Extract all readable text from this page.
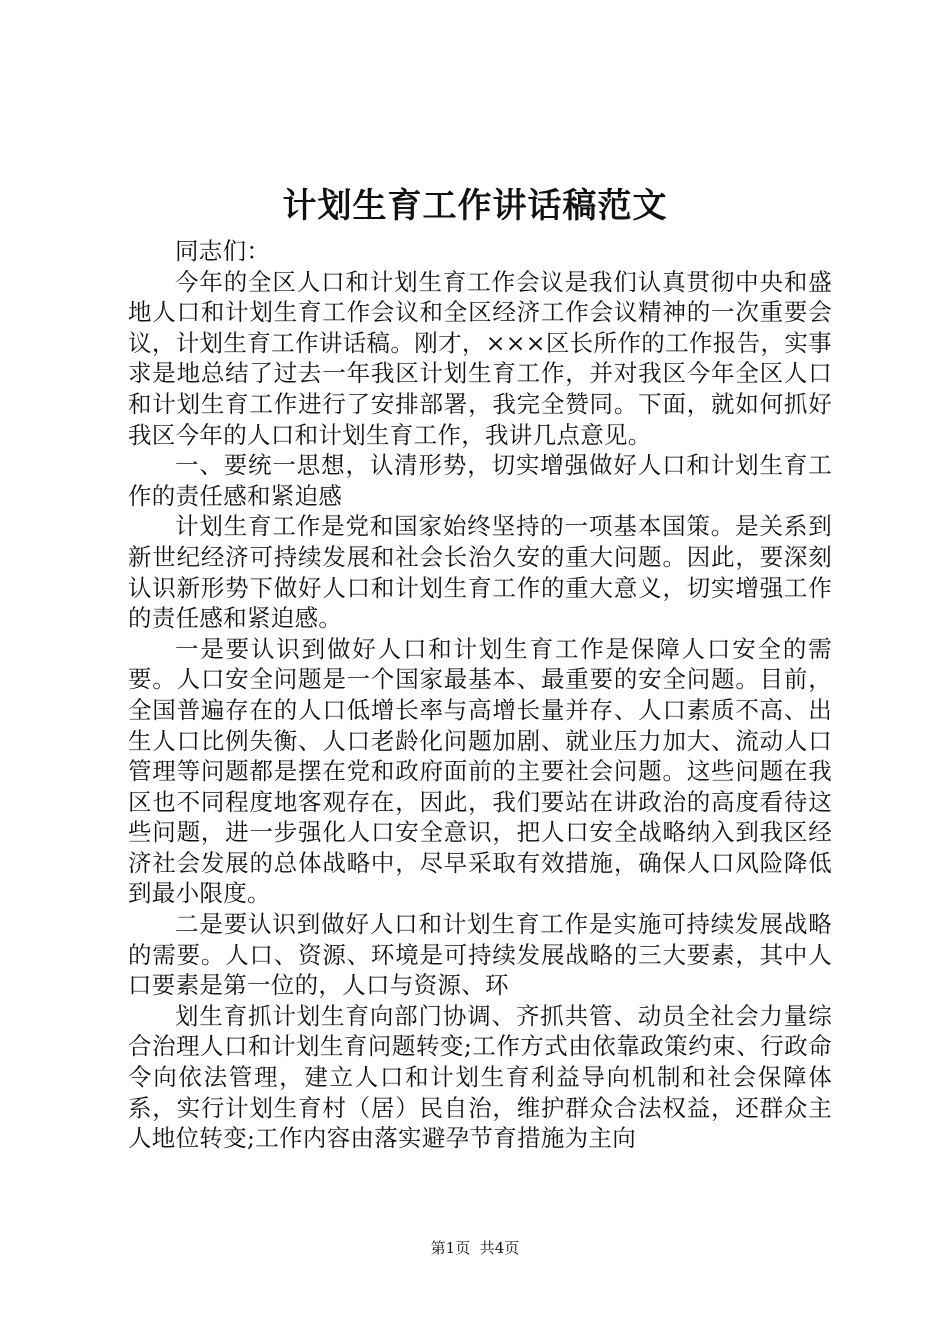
计划生育工作讲话稿范文

同志们：

今年的全区人口和计划生育工作会议是我们认真贯彻中央和盛地人口和计划生育工作会议和全区经济工作会议精神的一次重要会议，计划生育工作讲话稿。刚才，×××区长所作的工作报告，实事求是地总结了过去一年我区计划生育工作，并对我区今年全区人口和计划生育工作进行了安排部署，我完全赞同。下面，就如何抓好我区今年的人口和计划生育工作，我讲几点意见。

一、要统一思想，认清形势，切实增强做好人口和计划生育工作的责任感和紧迫感

计划生育工作是党和国家始终坚持的一项基本国策。是关系到新世纪经济可持续发展和社会长治久安的重大问题。因此，要深刻认识新形势下做好人口和计划生育工作的重大意义，切实增强工作的责任感和紧迫感。

一是要认识到做好人口和计划生育工作是保障人口安全的需要。人口安全问题是一个国家最基本、最重要的安全问题。目前，全国普遍存在的人口低增长率与高增长量并存、人口素质不高、出生人口比例失衡、人口老龄化问题加剧、就业压力加大、流动人口管理等问题都是摆在党和政府面前的主要社会问题。这些问题在我区也不同程度地客观存在，因此，我们要站在讲政治的高度看待这些问题，进一步强化人口安全意识，把人口安全战略纳入到我区经济社会发展的总体战略中，尽早采取有效措施，确保人口风险降低到最小限度。

二是要认识到做好人口和计划生育工作是实施可持续发展战略的需要。人口、资源、环境是可持续发展战略的三大要素，其中人口要素是第一位的，人口与资源、环

划生育抓计划生育向部门协调、齐抓共管、动员全社会力量综合治理人口和计划生育问题转变;工作方式由依靠政策约束、行政命令向依法管理，建立人口和计划生育利益导向机制和社会保障体系，实行计划生育村（居）民自治，维护群众合法权益，还群众主人地位转变;工作内容由落实避孕节育措施为主向

第1页 共4页
